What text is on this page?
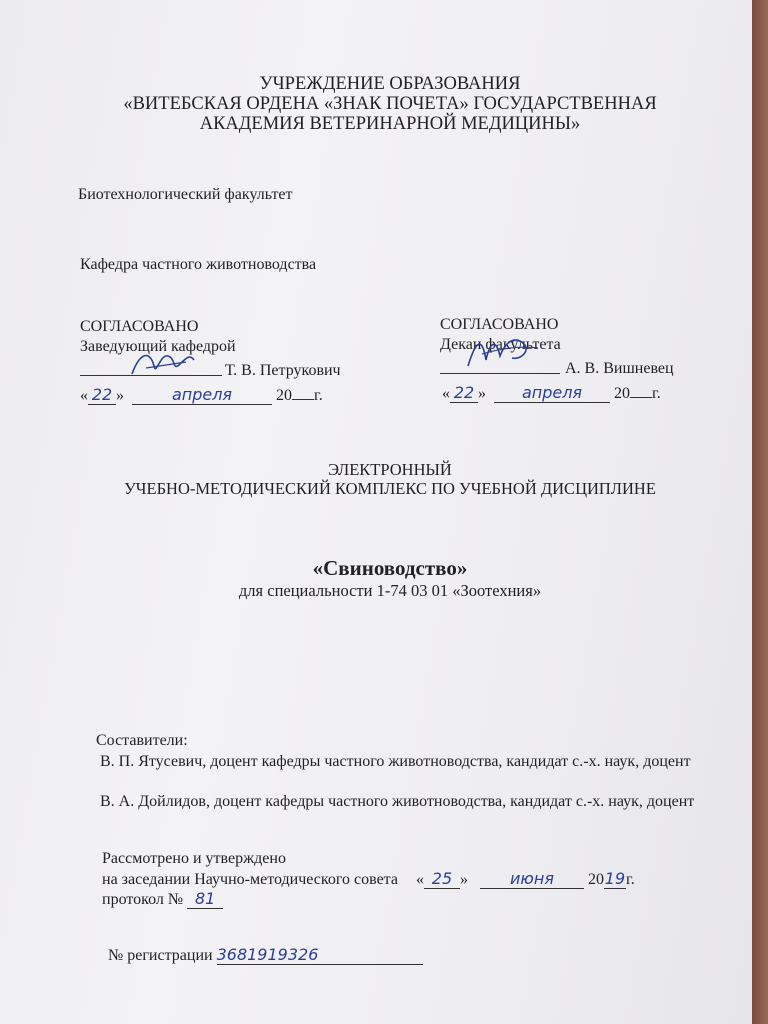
УЧРЕЖДЕНИЕ ОБРАЗОВАНИЯ
«ВИТЕБСКАЯ ОРДЕНА «ЗНАК ПОЧЕТА» ГОСУДАРСТВЕННАЯ
АКАДЕМИЯ ВЕТЕРИНАРНОЙ МЕДИЦИНЫ»
Биотехнологический факультет
Кафедра частного животноводства
СОГЛАСОВАНО
Заведующий кафедрой
Т. В. Петрукович
« 22 »	апреля	20 г.
СОГЛАСОВАНО
Декан факультета
А. В. Вишневец
« 22 » апреля 20 г.
ЭЛЕКТРОННЫЙ
УЧЕБНО-МЕТОДИЧЕСКИЙ КОМПЛЕКС ПО УЧЕБНОЙ ДИСЦИПЛИНЕ
«Свиноводство»
для специальности 1-74 03 01 «Зоотехния»
Составители:
В. П. Ятусевич, доцент кафедры частного животноводства, кандидат с.-х. наук, доцент
В. А. Дойлидов, доцент кафедры частного животноводства, кандидат с.-х. наук, доцент
Рассмотрено и утверждено
на заседании Научно-методического совета « 25 »	июня 2019г.
протокол № 81
№ регистрации 3681919326
